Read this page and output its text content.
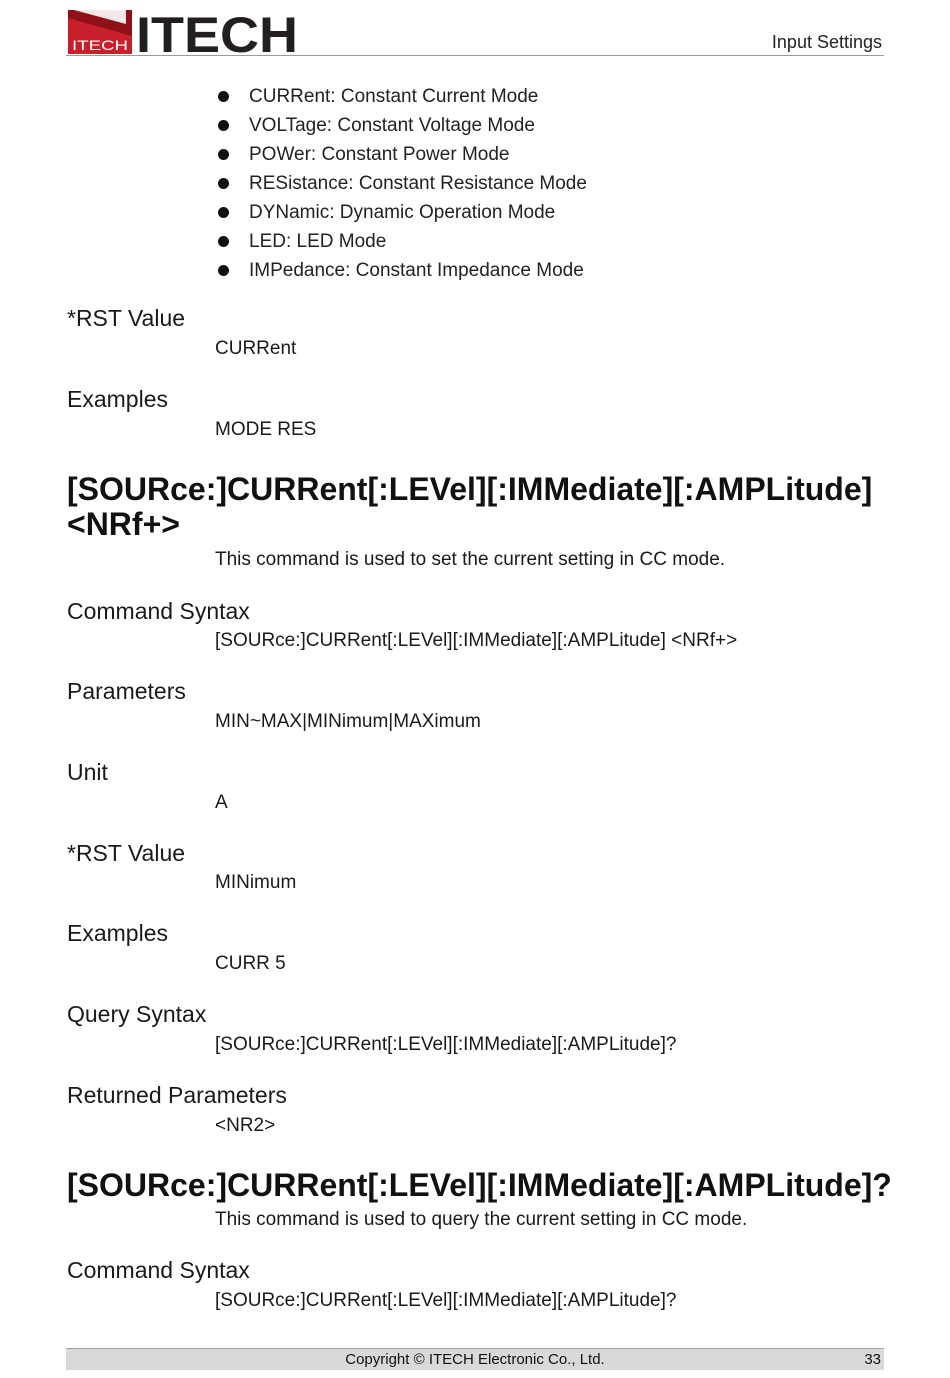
ITECH ITECH	Input Settings
CURRent: Constant Current Mode
VOLTage: Constant Voltage Mode
POWer: Constant Power Mode
RESistance: Constant Resistance Mode
DYNamic: Dynamic Operation Mode
LED: LED Mode
IMPedance: Constant Impedance Mode
*RST Value
CURRent
Examples
MODE RES
[SOURce:]CURRent[:LEVel][:IMMediate][:AMPLitude]
<NRf+>
This command is used to set the current setting in CC mode.
Command Syntax
[SOURce:]CURRent[:LEVel][:IMMediate][:AMPLitude] <NRf+>
Parameters
MIN~MAX|MINimum|MAXimum
Unit
A
*RST Value
MINimum
Examples
CURR 5
Query Syntax
[SOURce:]CURRent[:LEVel][:IMMediate][:AMPLitude]?
Returned Parameters
<NR2>
[SOURce:]CURRent[:LEVel][:IMMediate][:AMPLitude]?
This command is used to query the current setting in CC mode.
Command Syntax
[SOURce:]CURRent[:LEVel][:IMMediate][:AMPLitude]?
Copyright © ITECH Electronic Co., Ltd.	33
